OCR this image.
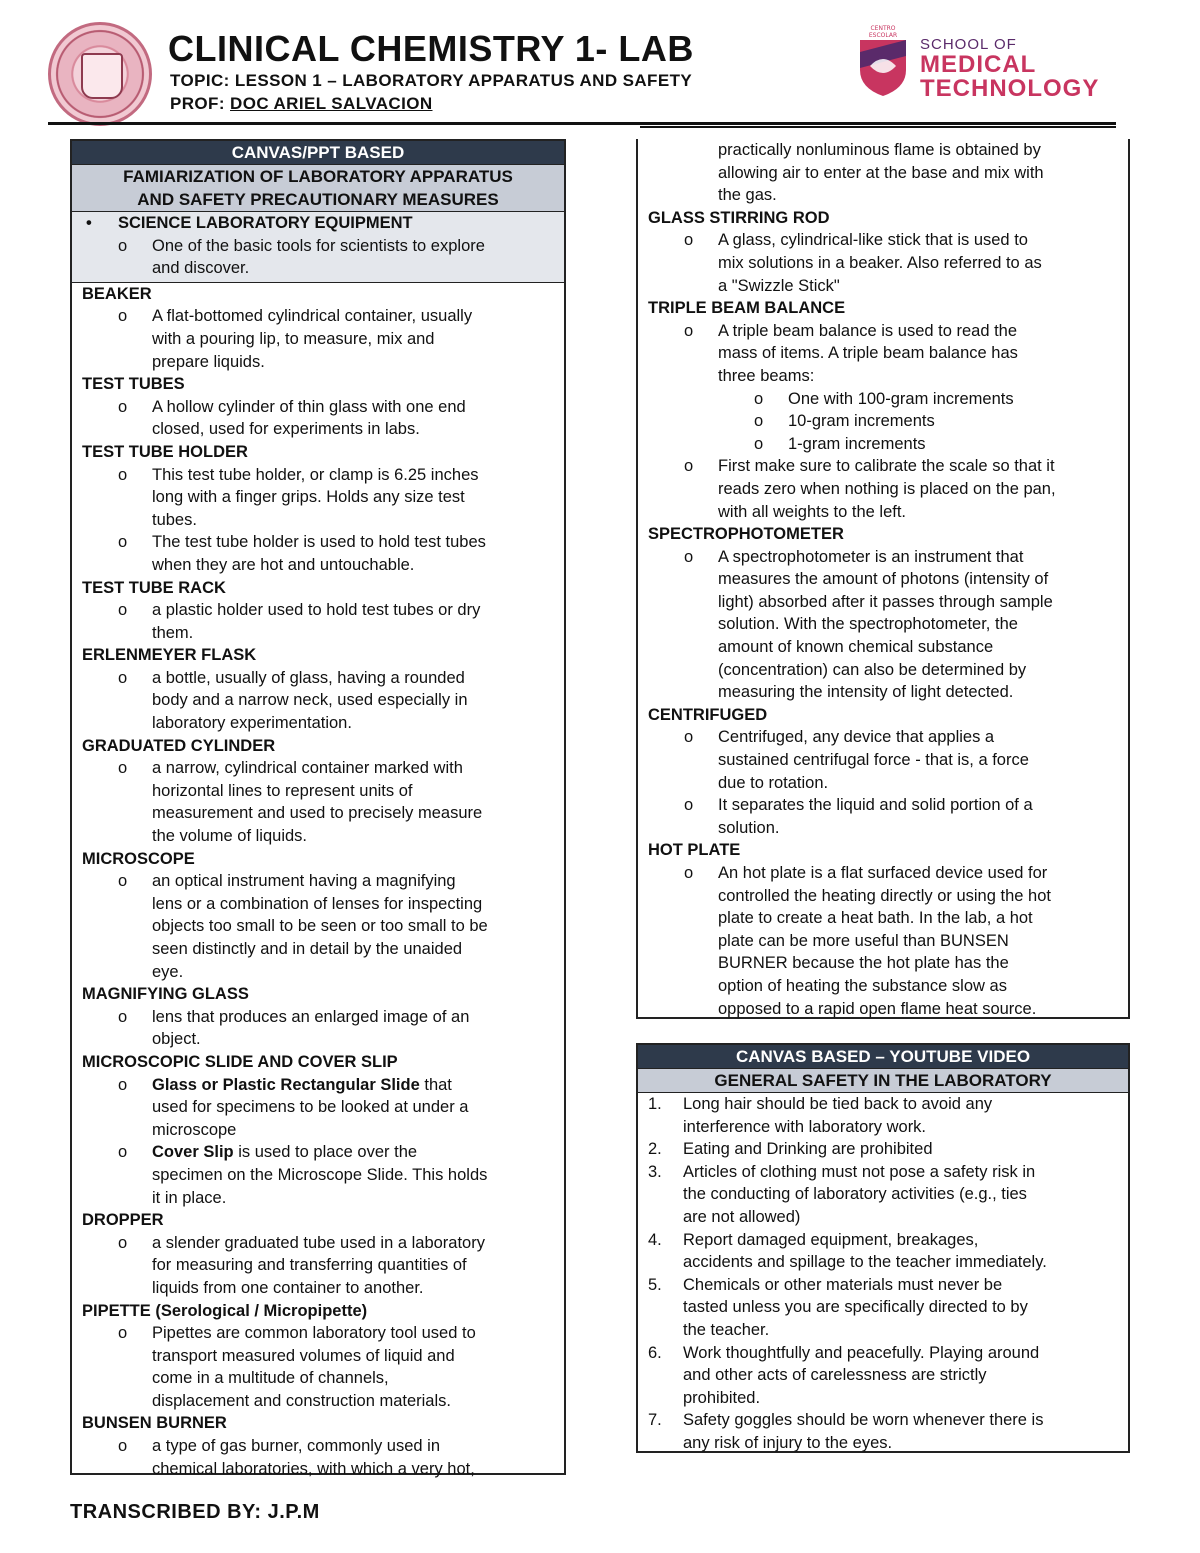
CLINICAL CHEMISTRY 1- LAB
TOPIC: LESSON 1 – LABORATORY APPARATUS AND SAFETY
PROF: DOC ARIEL SALVACION
CENTRO
ESCOLAR
SCHOOL OF
MEDICAL
TECHNOLOGY
CANVAS/PPT BASED
FAMIARIZATION OF LABORATORY APPARATUS
AND SAFETY PRECAUTIONARY MEASURES
• SCIENCE LABORATORY EQUIPMENT
o One of the basic tools for scientists to explore
and discover.
BEAKER
o A flat-bottomed cylindrical container, usually
with a pouring lip, to measure, mix and
prepare liquids.
TEST TUBES
o A hollow cylinder of thin glass with one end
closed, used for experiments in labs.
TEST TUBE HOLDER
o This test tube holder, or clamp is 6.25 inches
long with a finger grips. Holds any size test
tubes.
o The test tube holder is used to hold test tubes
when they are hot and untouchable.
TEST TUBE RACK
o a plastic holder used to hold test tubes or dry
them.
ERLENMEYER FLASK
o a bottle, usually of glass, having a rounded
body and a narrow neck, used especially in
laboratory experimentation.
GRADUATED CYLINDER
o a narrow, cylindrical container marked with
horizontal lines to represent units of
measurement and used to precisely measure
the volume of liquids.
MICROSCOPE
o an optical instrument having a magnifying
lens or a combination of lenses for inspecting
objects too small to be seen or too small to be
seen distinctly and in detail by the unaided
eye.
MAGNIFYING GLASS
o lens that produces an enlarged image of an
object.
MICROSCOPIC SLIDE AND COVER SLIP
o Glass or Plastic Rectangular Slide that
used for specimens to be looked at under a
microscope
o Cover Slip is used to place over the
specimen on the Microscope Slide. This holds
it in place.
DROPPER
o a slender graduated tube used in a laboratory
for measuring and transferring quantities of
liquids from one container to another.
PIPETTE (Serological / Micropipette)
o Pipettes are common laboratory tool used to
transport measured volumes of liquid and
come in a multitude of channels,
displacement and construction materials.
BUNSEN BURNER
o a type of gas burner, commonly used in
chemical laboratories, with which a very hot,
practically nonluminous flame is obtained by
allowing air to enter at the base and mix with
the gas.
GLASS STIRRING ROD
o A glass, cylindrical-like stick that is used to
mix solutions in a beaker. Also referred to as
a "Swizzle Stick"
TRIPLE BEAM BALANCE
o A triple beam balance is used to read the
mass of items. A triple beam balance has
three beams:
o One with 100-gram increments
o 10-gram increments
o 1-gram increments
o First make sure to calibrate the scale so that it
reads zero when nothing is placed on the pan,
with all weights to the left.
SPECTROPHOTOMETER
o A spectrophotometer is an instrument that
measures the amount of photons (intensity of
light) absorbed after it passes through sample
solution. With the spectrophotometer, the
amount of known chemical substance
(concentration) can also be determined by
measuring the intensity of light detected.
CENTRIFUGED
o Centrifuged, any device that applies a
sustained centrifugal force - that is, a force
due to rotation.
o It separates the liquid and solid portion of a
solution.
HOT PLATE
o An hot plate is a flat surfaced device used for
controlled the heating directly or using the hot
plate to create a heat bath. In the lab, a hot
plate can be more useful than BUNSEN
BURNER because the hot plate has the
option of heating the substance slow as
opposed to a rapid open flame heat source.
CANVAS BASED – YOUTUBE VIDEO
GENERAL SAFETY IN THE LABORATORY
1. Long hair should be tied back to avoid any
interference with laboratory work.
2. Eating and Drinking are prohibited
3. Articles of clothing must not pose a safety risk in
the conducting of laboratory activities (e.g., ties
are not allowed)
4. Report damaged equipment, breakages,
accidents and spillage to the teacher immediately.
5. Chemicals or other materials must never be
tasted unless you are specifically directed to by
the teacher.
6. Work thoughtfully and peacefully. Playing around
and other acts of carelessness are strictly
prohibited.
7. Safety goggles should be worn whenever there is
any risk of injury to the eyes.
TRANSCRIBED BY: J.P.M
